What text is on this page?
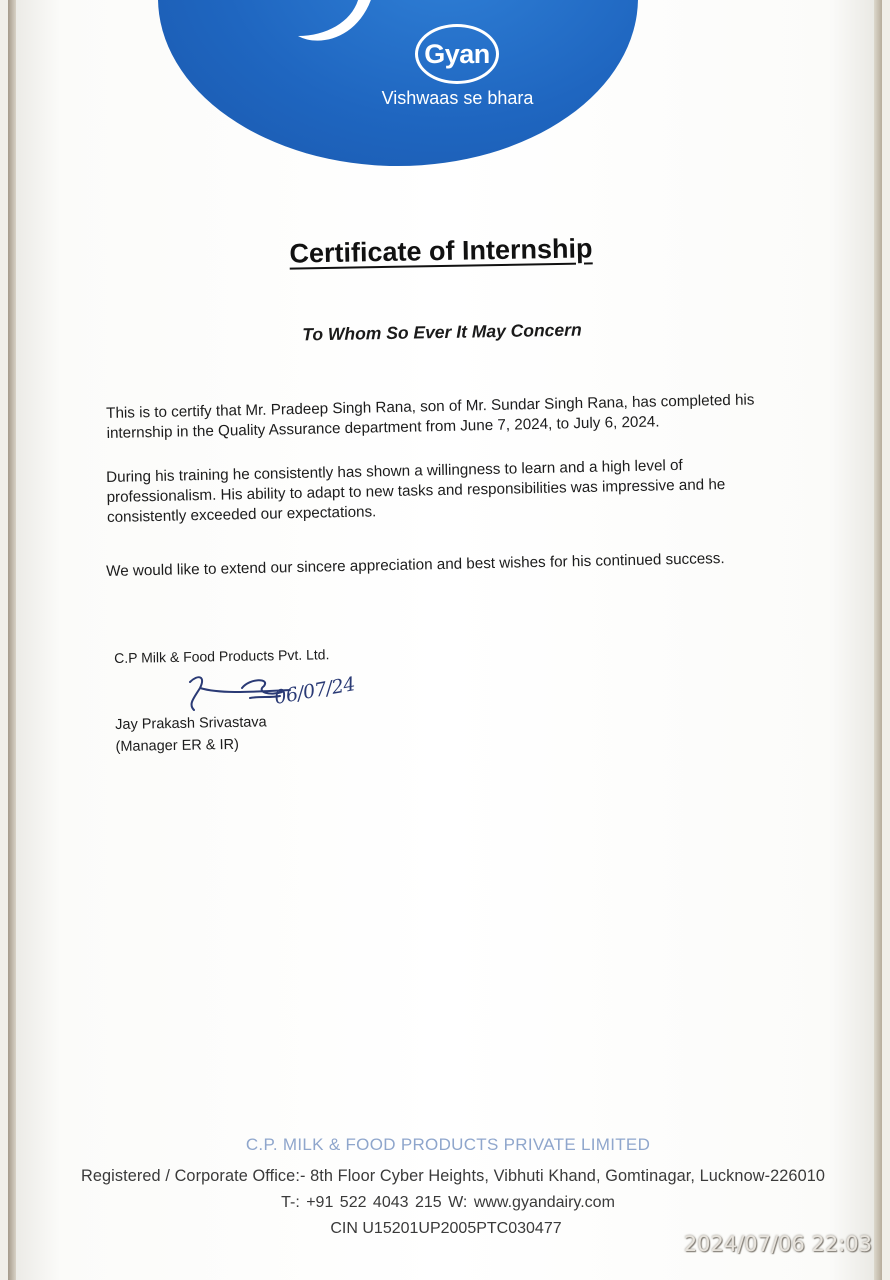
Gyan
Vishwaas se bhara
Certificate of Internship
To Whom So Ever It May Concern
This is to certify that Mr. Pradeep Singh Rana, son of Mr. Sundar Singh Rana, has completed his internship in the Quality Assurance department from June 7, 2024, to July 6, 2024.
During his training he consistently has shown a willingness to learn and a high level of professionalism. His ability to adapt to new tasks and responsibilities was impressive and he consistently exceeded our expectations.
We would like to extend our sincere appreciation and best wishes for his continued success.
C.P Milk & Food Products Pvt. Ltd.
06/07/24
Jay Prakash Srivastava
(Manager ER & IR)
C.P. MILK & FOOD PRODUCTS PRIVATE LIMITED
Registered / Corporate Office:- 8th Floor Cyber Heights, Vibhuti Khand, Gomtinagar, Lucknow-226010
T-: +91 522 4043 215 W: www.gyandairy.com
CIN U15201UP2005PTC030477
2024/07/06 22:03
